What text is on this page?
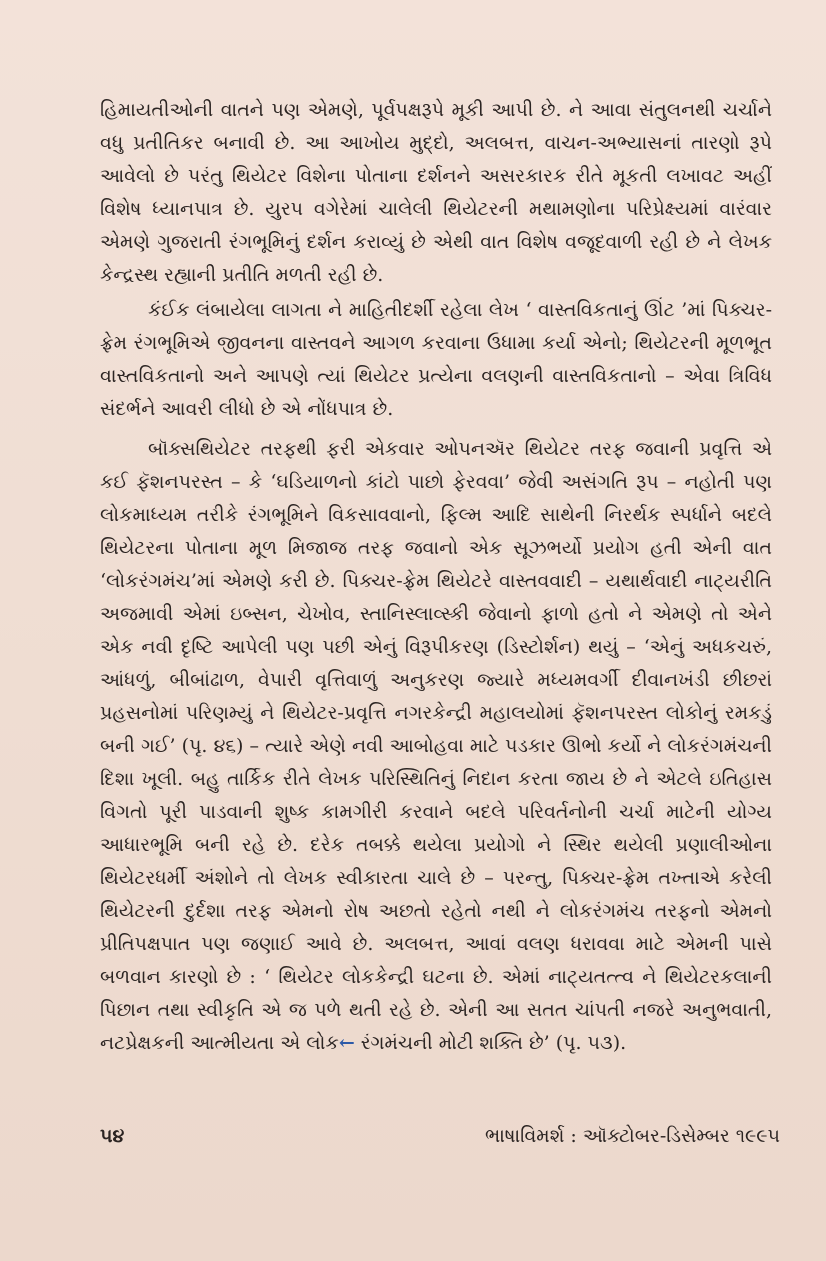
હિમાયતીઓની વાતને પણ એમણે, પૂર્વપક્ષરૂપે મૂકી આપી છે. ને આવા સંતુલનથી ચર્ચાને વધુ પ્રતીતિકર બનાવી છે. આ આખોય મુદ્દો, અલબત્ત, વાચન-અભ્યાસનાં તારણો રૂપે આવેલો છે પરંતુ થિયેટર વિશેના પોતાના દર્શનને અસરકારક રીતે મૂકતી લખાવટ અહીં વિશેષ ધ્યાનપાત્ર છે. યુરપ વગેરેમાં ચાલેલી થિયેટરની મથામણોના પરિપ્રેક્ષ્યમાં વારંવાર એમણે ગુજરાતી રંગભૂમિનું દર્શન કરાવ્યું છે એથી વાત વિશેષ વજૂદવાળી રહી છે ને લેખક કેન્દ્રસ્થ રહ્યાની પ્રતીતિ મળતી રહી છે.

કંઈક લંબાયેલા લાગતા ને માહિતીદર્શી રહેલા લેખ ‘ વાસ્તવિકતાનું ઊંટ ’માં પિક્ચર-ફ્રેમ રંગભૂમિએ જીવનના વાસ્તવને આગળ કરવાના ઉધામા કર્યા એનો; થિયેટરની મૂળભૂત વાસ્તવિકતાનો અને આપણે ત્યાં થિયેટર પ્રત્યેના વલણની વાસ્તવિકતાનો – એવા ત્રિવિધ સંદર્ભને આવરી લીધો છે એ નોંધપાત્ર છે.

બૉક્સથિયેટર તરફથી ફરી એકવાર ઓપનઍર થિયેટર તરફ જવાની પ્રવૃત્તિ એ કઈ ફૅશનપરસ્ત – કે ‘ઘડિયાળનો કાંટો પાછો ફેરવવા’ જેવી અસંગતિ રૂપ – નહોતી પણ લોકમાધ્યમ તરીકે રંગભૂમિને વિકસાવવાનો, ફિલ્મ આદિ સાથેની નિરર્થક સ્પર્ધાને બદલે થિયેટરના પોતાના મૂળ મિજાજ તરફ જવાનો એક સૂઝભર્યો પ્રયોગ હતી એની વાત ‘લોકરંગમંચ’માં એમણે કરી છે. પિક્ચર-ફ્રેમ થિયેટરે વાસ્તવવાદી – યથાર્થવાદી નાટ્યરીતિ અજમાવી એમાં ઇબ્સન, ચેખોવ, સ્તાનિસ્લાવ્સ્કી જેવાનો ફાળો હતો ને એમણે તો એને એક નવી દૃષ્ટિ આપેલી પણ પછી એનું વિરૂપીકરણ (ડિસ્ટોર્શન) થયું – ‘એનું અધકચરું, આંધળું, બીબાંઢાળ, વેપારી વૃત્તિવાળું અનુકરણ જ્યારે મધ્યમવર્ગી દીવાનખંડી છીછરાં પ્રહસનોમાં પરિણમ્યું ને થિયેટર-પ્રવૃત્તિ નગરકેન્દ્રી મહાલયોમાં ફૅશનપરસ્ત લોકોનું રમકડું બની ગઈ’ (પૃ. ૪૬) – ત્યારે એણે નવી આબોહવા માટે પડકાર ઊભો કર્યો ને લોકરંગમંચની દિશા ખૂલી. બહુ તાર્કિક રીતે લેખક પરિસ્થિતિનું નિદાન કરતા જાય છે ને એટલે ઇતિહાસ વિગતો પૂરી પાડવાની શુષ્ક કામગીરી કરવાને બદલે પરિવર્તનોની ચર્ચા માટેની યોગ્ય આધારભૂમિ બની રહે છે. દરેક તબક્કે થયેલા પ્રયોગો ને સ્થિર થયેલી પ્રણાલીઓના થિયેટરધર્મી અંશોને તો લેખક સ્વીકારતા ચાલે છે – પરન્તુ, પિક્ચર-ફ્રેમ તખ્તાએ કરેલી થિયેટરની દુર્દશા તરફ એમનો રોષ અછતો રહેતો નથી ને લોકરંગમંચ તરફનો એમનો પ્રીતિપક્ષપાત પણ જણાઈ આવે છે. અલબત્ત, આવાં વલણ ધરાવવા માટે એમની પાસે બળવાન કારણો છે : ‘ થિયેટર લોકકેન્દ્રી ઘટના છે. એમાં નાટ્યતત્ત્વ ને થિયેટરકલાની પિછાન તથા સ્વીકૃતિ એ જ પળે થતી રહે છે. એની આ સતત ચાંપતી નજરે અનુભવાતી, નટપ્રેક્ષકની આત્મીયતા એ લોક← રંગમંચની મોટી શક્તિ છે’ (પૃ. ૫૩).

૫૪	ભાષાવિમર્શ : ઑક્ટોબર-ડિસેમ્બર ૧૯૯૫
